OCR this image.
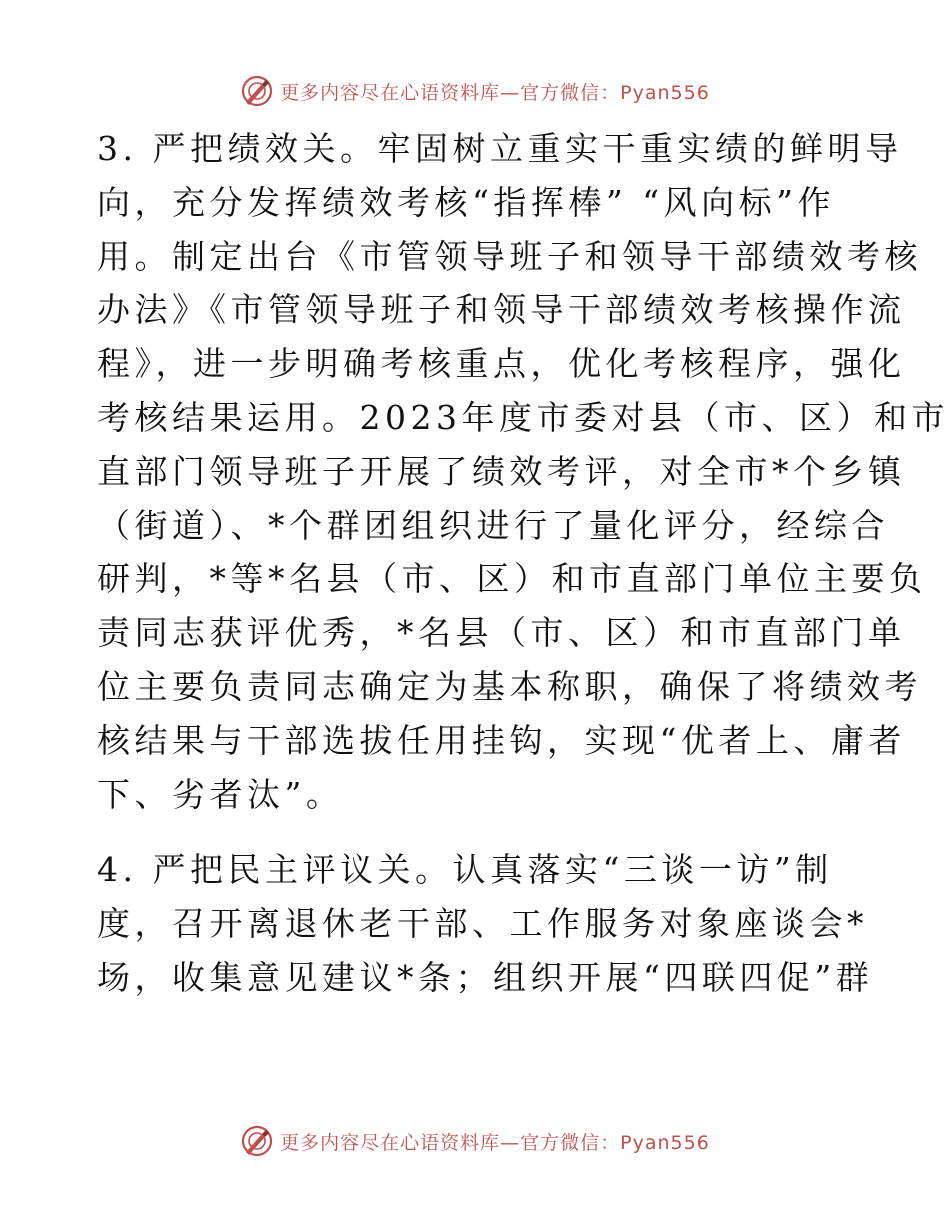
更多内容尽在心语资料库—官方微信：Pyan556
3. 严把绩效关。牢固树立重实干重实绩的鲜明导
向，充分发挥绩效考核“指挥棒” “风向标”作
用。制定出台《市管领导班子和领导干部绩效考核
办法》《市管领导班子和领导干部绩效考核操作流
程》，进一步明确考核重点，优化考核程序，强化
考核结果运用。2023年度市委对县（市、区）和市
直部门领导班子开展了绩效考评，对全市*个乡镇
（街道）、*个群团组织进行了量化评分，经综合
研判，*等*名县（市、区）和市直部门单位主要负
责同志获评优秀，*名县（市、区）和市直部门单
位主要负责同志确定为基本称职，确保了将绩效考
核结果与干部选拔任用挂钩，实现“优者上、庸者
下、劣者汰”。
4. 严把民主评议关。认真落实“三谈一访”制
度，召开离退休老干部、工作服务对象座谈会*
场，收集意见建议*条；组织开展“四联四促”群
更多内容尽在心语资料库—官方微信：Pyan556
